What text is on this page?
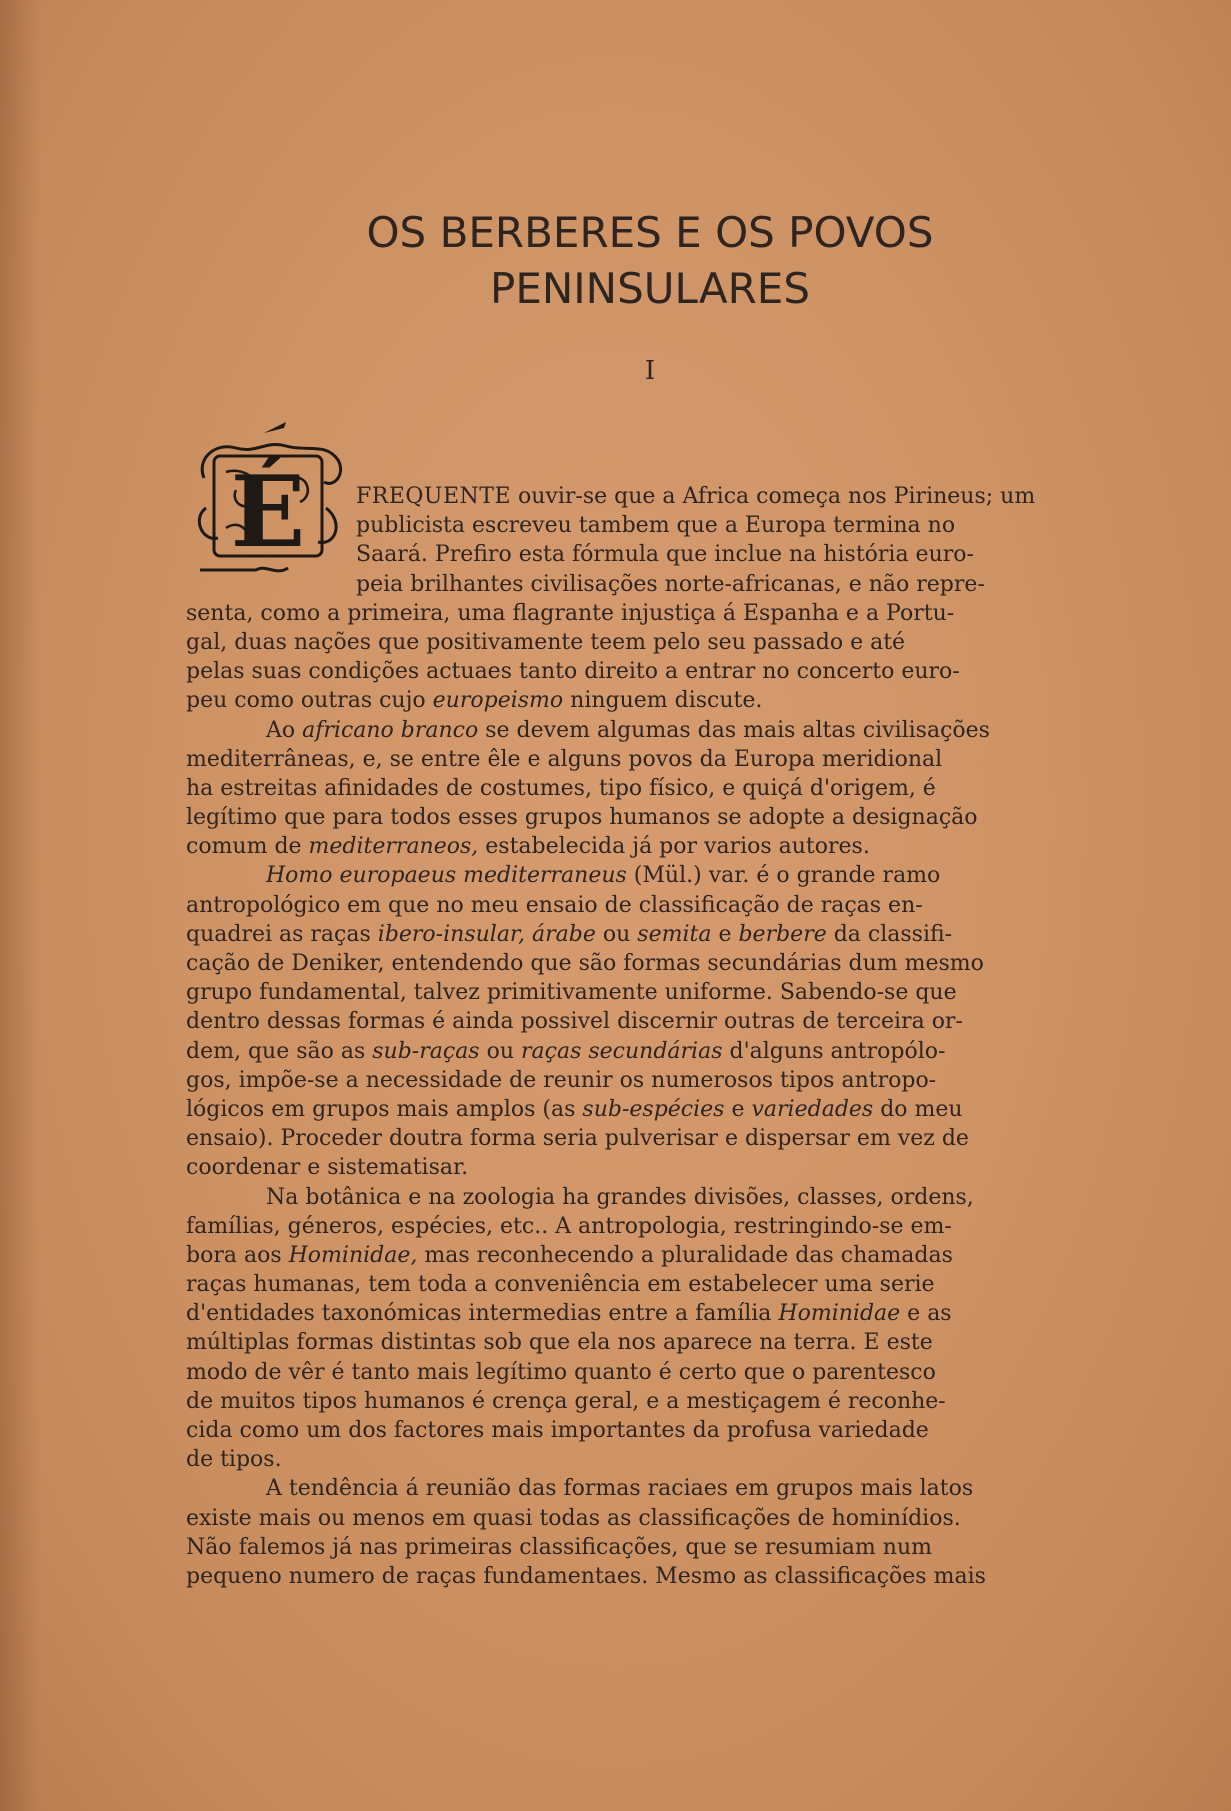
OS BERBERES E OS POVOS
PENINSULARES
I
É	FREQUENTE ouvir-se que a Africa começa nos Pirineus; um
publicista escreveu tambem que a Europa termina no
Saará. Prefiro esta fórmula que inclue na história euro-
peia brilhantes civilisações norte-africanas, e não repre-
senta, como a primeira, uma flagrante injustiça á Espanha e a Portu-
gal, duas nações que positivamente teem pelo seu passado e até
pelas suas condições actuaes tanto direito a entrar no concerto euro-
peu como outras cujo europeismo ninguem discute.
Ao africano branco se devem algumas das mais altas civilisações
mediterrâneas, e, se entre êle e alguns povos da Europa meridional
ha estreitas afinidades de costumes, tipo físico, e quiçá d'origem, é
legítimo que para todos esses grupos humanos se adopte a designação
comum de mediterraneos, estabelecida já por varios autores.
Homo europaeus mediterraneus (Mül.) var. é o grande ramo
antropológico em que no meu ensaio de classificação de raças en-
quadrei as raças ibero-insular, árabe ou semita e berbere da classifi-
cação de Deniker, entendendo que são formas secundárias dum mesmo
grupo fundamental, talvez primitivamente uniforme. Sabendo-se que
dentro dessas formas é ainda possivel discernir outras de terceira or-
dem, que são as sub-raças ou raças secundárias d'alguns antropólo-
gos, impõe-se a necessidade de reunir os numerosos tipos antropo-
lógicos em grupos mais amplos (as sub-espécies e variedades do meu
ensaio). Proceder doutra forma seria pulverisar e dispersar em vez de
coordenar e sistematisar.
Na botânica e na zoologia ha grandes divisões, classes, ordens,
famílias, géneros, espécies, etc.. A antropologia, restringindo-se em-
bora aos Hominidae, mas reconhecendo a pluralidade das chamadas
raças humanas, tem toda a conveniência em estabelecer uma serie
d'entidades taxonómicas intermedias entre a família Hominidae e as
múltiplas formas distintas sob que ela nos aparece na terra. E este
modo de vêr é tanto mais legítimo quanto é certo que o parentesco
de muitos tipos humanos é crença geral, e a mestiçagem é reconhe-
cida como um dos factores mais importantes da profusa variedade
de tipos.
A tendência á reunião das formas raciaes em grupos mais latos
existe mais ou menos em quasi todas as classificações de hominídios.
Não falemos já nas primeiras classificações, que se resumiam num
pequeno numero de raças fundamentaes. Mesmo as classificações mais
